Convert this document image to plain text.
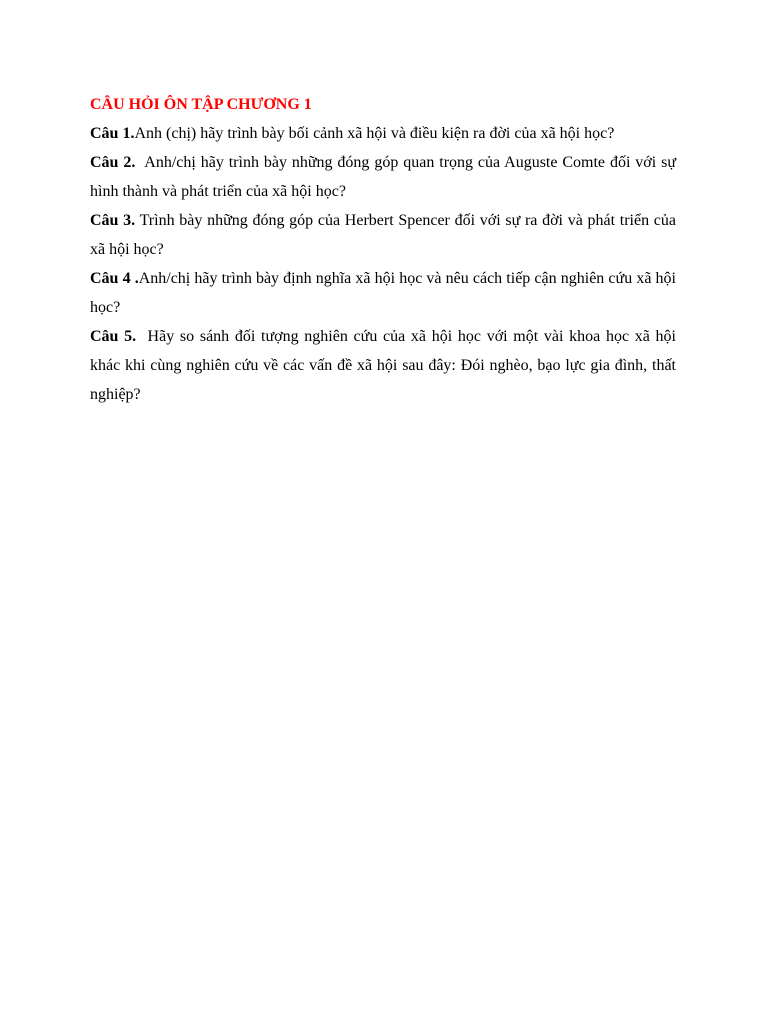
CÂU HỎI ÔN TẬP CHƯƠNG 1

Câu 1.Anh (chị) hãy trình bày bối cảnh xã hội và điều kiện ra đời của xã hội học?

Câu 2.  Anh/chị hãy trình bày những đóng góp quan trọng của Auguste Comte đối với sự hình thành và phát triển của xã hội học?

Câu 3. Trình bày những đóng góp của Herbert Spencer đối với sự ra đời và phát triển của xã hội học?

Câu 4 .Anh/chị hãy trình bày định nghĩa xã hội học và nêu cách tiếp cận nghiên cứu xã hội học?

Câu 5.  Hãy so sánh đối tượng nghiên cứu của xã hội học với một vài khoa học xã hội khác khi cùng nghiên cứu về các vấn đề xã hội sau đây: Đói nghèo, bạo lực gia đình, thất nghiệp?
